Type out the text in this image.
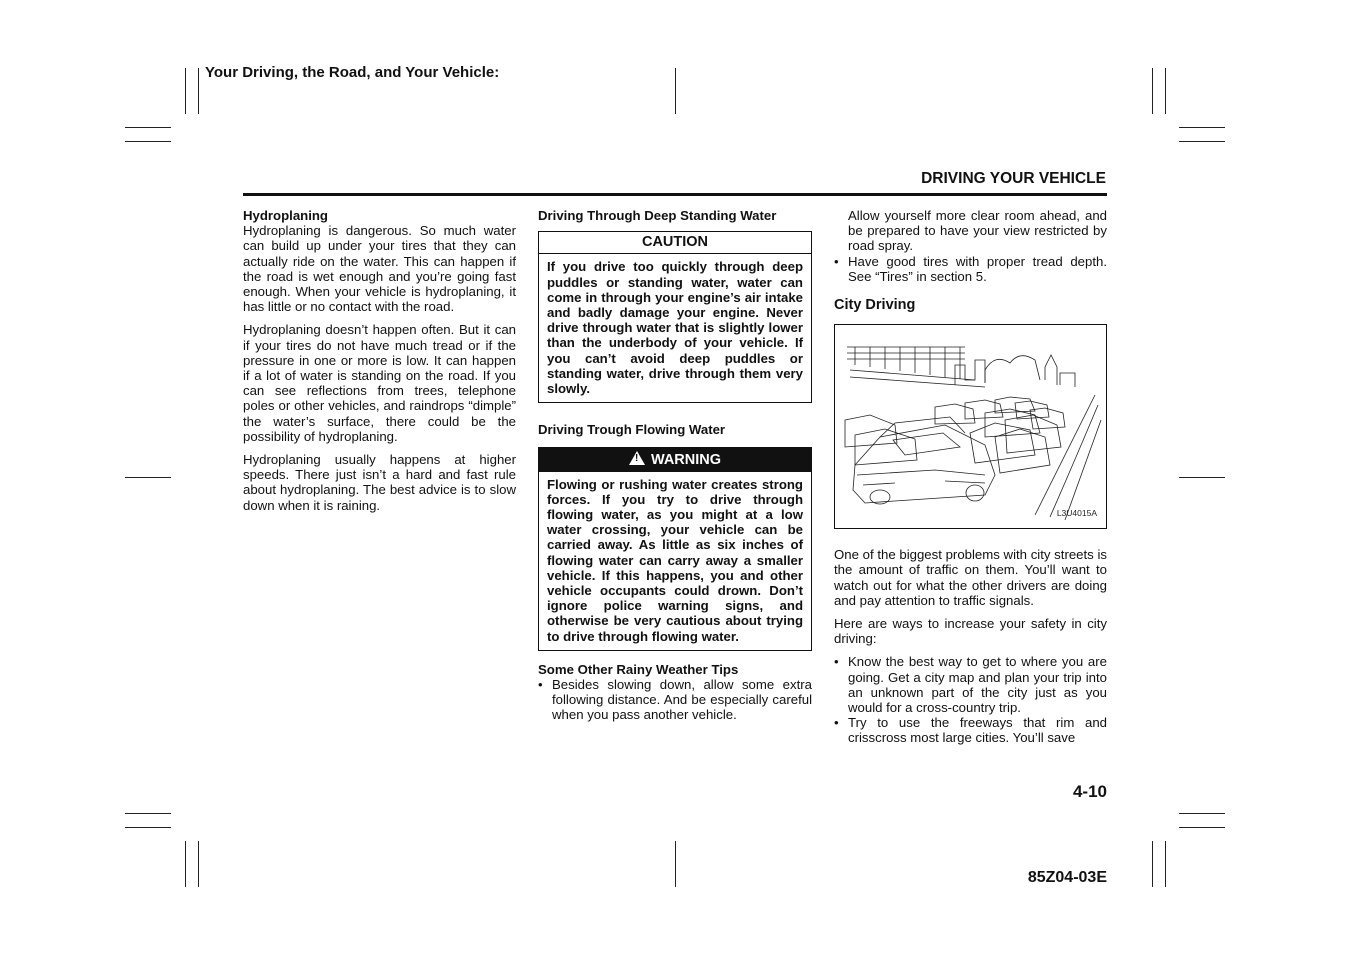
Your Driving, the Road, and Your Vehicle:
DRIVING YOUR VEHICLE
Hydroplaning

Hydroplaning is dangerous. So much water can build up under your tires that they can actually ride on the water. This can happen if the road is wet enough and you’re going fast enough. When your vehicle is hydroplaning, it has little or no contact with the road.

Hydroplaning doesn’t happen often. But it can if your tires do not have much tread or if the pressure in one or more is low. It can happen if a lot of water is standing on the road. If you can see reflections from trees, telephone poles or other vehicles, and raindrops “dimple” the water’s surface, there could be the possibility of hydroplaning.

Hydroplaning usually happens at higher speeds. There just isn’t a hard and fast rule about hydroplaning. The best advice is to slow down when it is raining.

Driving Through Deep Standing Water
CAUTION
If you drive too quickly through deep puddles or standing water, water can come in through your engine’s air intake and badly damage your engine. Never drive through water that is slightly lower than the underbody of your vehicle. If you can’t avoid deep puddles or standing water, drive through them very slowly.
Driving Trough Flowing Water
! WARNING
Flowing or rushing water creates strong forces. If you try to drive through flowing water, as you might at a low water crossing, your vehicle can be carried away. As little as six inches of flowing water can carry away a smaller vehicle. If this happens, you and other vehicle occupants could drown. Don’t ignore police warning signs, and otherwise be very cautious about trying to drive through flowing water.
Some Other Rainy Weather Tips
• Besides slowing down, allow some extra following distance. And be especially careful when you pass another vehicle.

Allow yourself more clear room ahead, and be prepared to have your view restricted by road spray.

• Have good tires with proper tread depth. See “Tires” in section 5.
City Driving
L3U4015A

One of the biggest problems with city streets is the amount of traffic on them. You’ll want to watch out for what the other drivers are doing and pay attention to traffic signals.

Here are ways to increase your safety in city driving:

• Know the best way to get to where you are going. Get a city map and plan your trip into an unknown part of the city just as you would for a cross-country trip.
• Try to use the freeways that rim and crisscross most large cities. You’ll save
4-10
85Z04-03E
